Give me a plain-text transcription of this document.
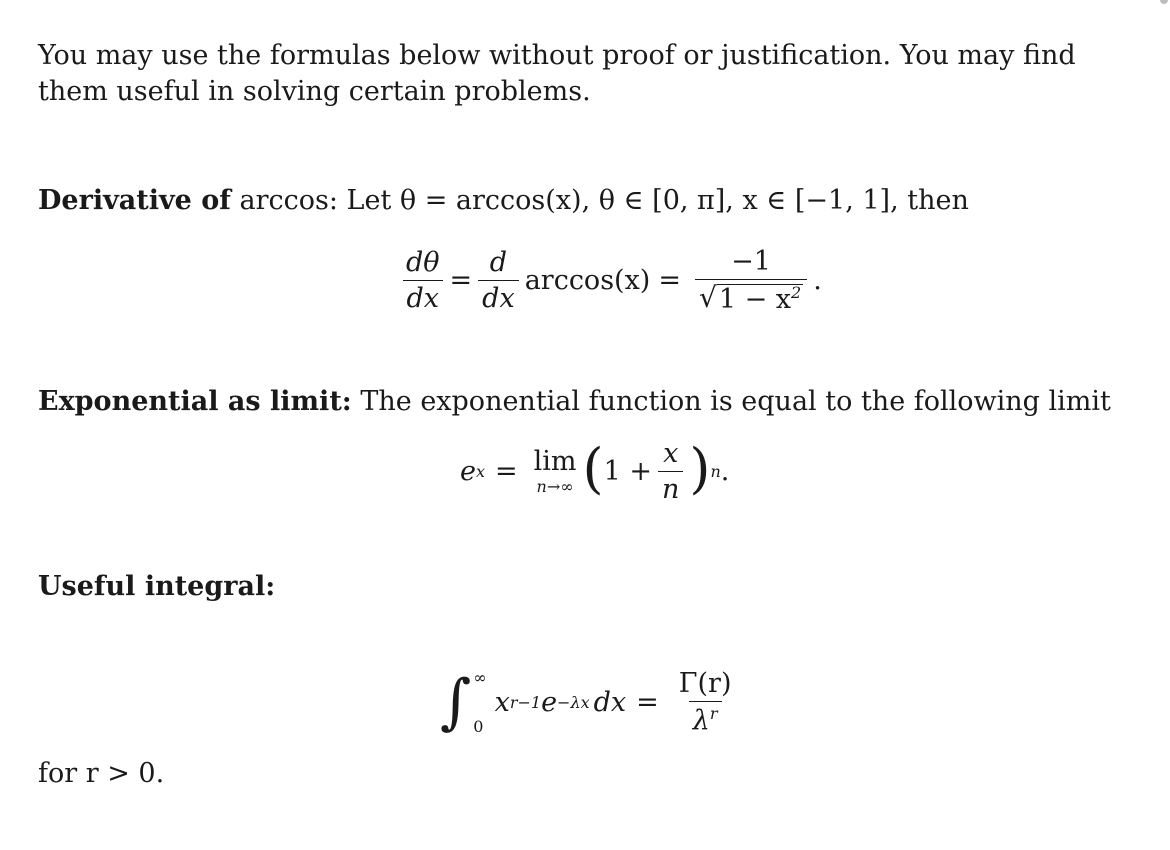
You may use the formulas below without proof or justification. You may find them useful in solving certain problems.

Derivative of arccos: Let θ = arccos(x), θ ∈ [0, π], x ∈ [−1, 1], then
$\frac{d\theta}{dx} = \frac{d}{dx} \arccos(x) = \frac{-1}{√ 1 - x^2}$ .
Exponential as limit: The exponential function is equal to the following limit
e x = lim
n→∞ ( $1 + \frac{x}{n}$ ) n .
Useful integral:
∫ ∞
0
x r−1 e −λx dx = $\frac{\Gamma(r)}{\lambda^r}$
for r > 0.
